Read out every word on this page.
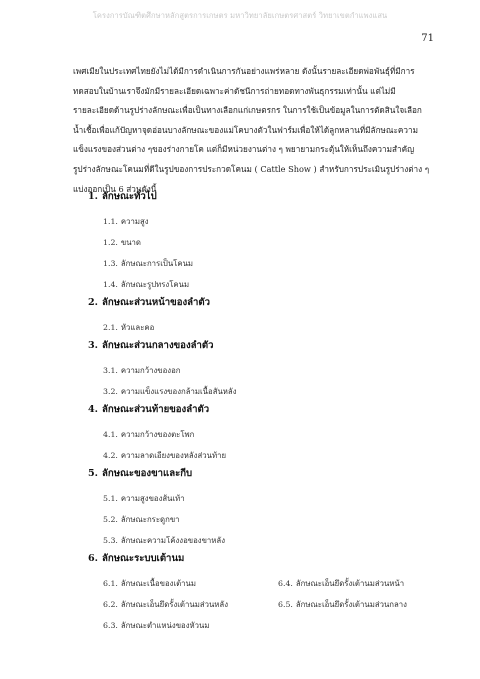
โครงการบัณฑิตศึกษาหลักสูตรการเกษตร มหาวิทยาลัยเกษตรศาสตร์ วิทยาเขตกำแพงแสน
71
เพศเมียในประเทศไทยยังไม่ได้มีการดำเนินการกันอย่างแพร่หลาย ดังนั้นรายละเอียดพ่อพันธุ์ที่มีการ
ทดสอบในบ้านเราจึงมักมีรายละเอียดเฉพาะค่าดัชนีการถ่ายทอดทางพันธุกรรมเท่านั้น แต่ไม่มี
รายละเอียดด้านรูปร่างลักษณะเพื่อเป็นทางเลือกแก่เกษตรกร ในการใช้เป็นข้อมูลในการตัดสินใจเลือก
น้ำเชื้อเพื่อแก้ปัญหาจุดอ่อนบางลักษณะของแม่โคบางตัวในฟาร์มเพื่อให้ได้ลูกหลานที่มีลักษณะความ
แข็งแรงของส่วนต่าง ๆของร่างกายโค แต่ก็มีหน่วยงานต่าง ๆ พยายามกระตุ้นให้เห็นถึงความสำคัญ
รูปร่างลักษณะโคนมที่ดีในรูปของการประกวดโคนม ( Cattle Show ) สำหรับการประเมินรูปร่างต่าง ๆ
แบ่งออกเป็น 6 ส่วนดังนี้
1. ลักษณะทั่วไป
1.1. ความสูง
1.2. ขนาด
1.3. ลักษณะการเป็นโคนม
1.4. ลักษณะรูปทรงโคนม
2. ลักษณะส่วนหน้าของลำตัว
2.1. หัวและคอ
3. ลักษณะส่วนกลางของลำตัว
3.1. ความกว้างของอก
3.2. ความแข็งแรงของกล้ามเนื้อสันหลัง
4. ลักษณะส่วนท้ายของลำตัว
4.1. ความกว้างของตะโพก
4.2. ความลาดเอียงของหลังส่วนท้าย
5. ลักษณะของขาและกีบ
5.1. ความสูงของส้นเท้า
5.2. ลักษณะกระดูกขา
5.3. ลักษณะความโค้งงอของขาหลัง
6. ลักษณะระบบเต้านม
6.1. ลักษณะเนื้อของเต้านม	6.4. ลักษณะเอ็นยึดรั้งเต้านมส่วนหน้า
6.2. ลักษณะเอ็นยึดรั้งเต้านมส่วนหลัง	6.5. ลักษณะเอ็นยึดรั้งเต้านมส่วนกลาง
6.3. ลักษณะตำแหน่งของหัวนม
